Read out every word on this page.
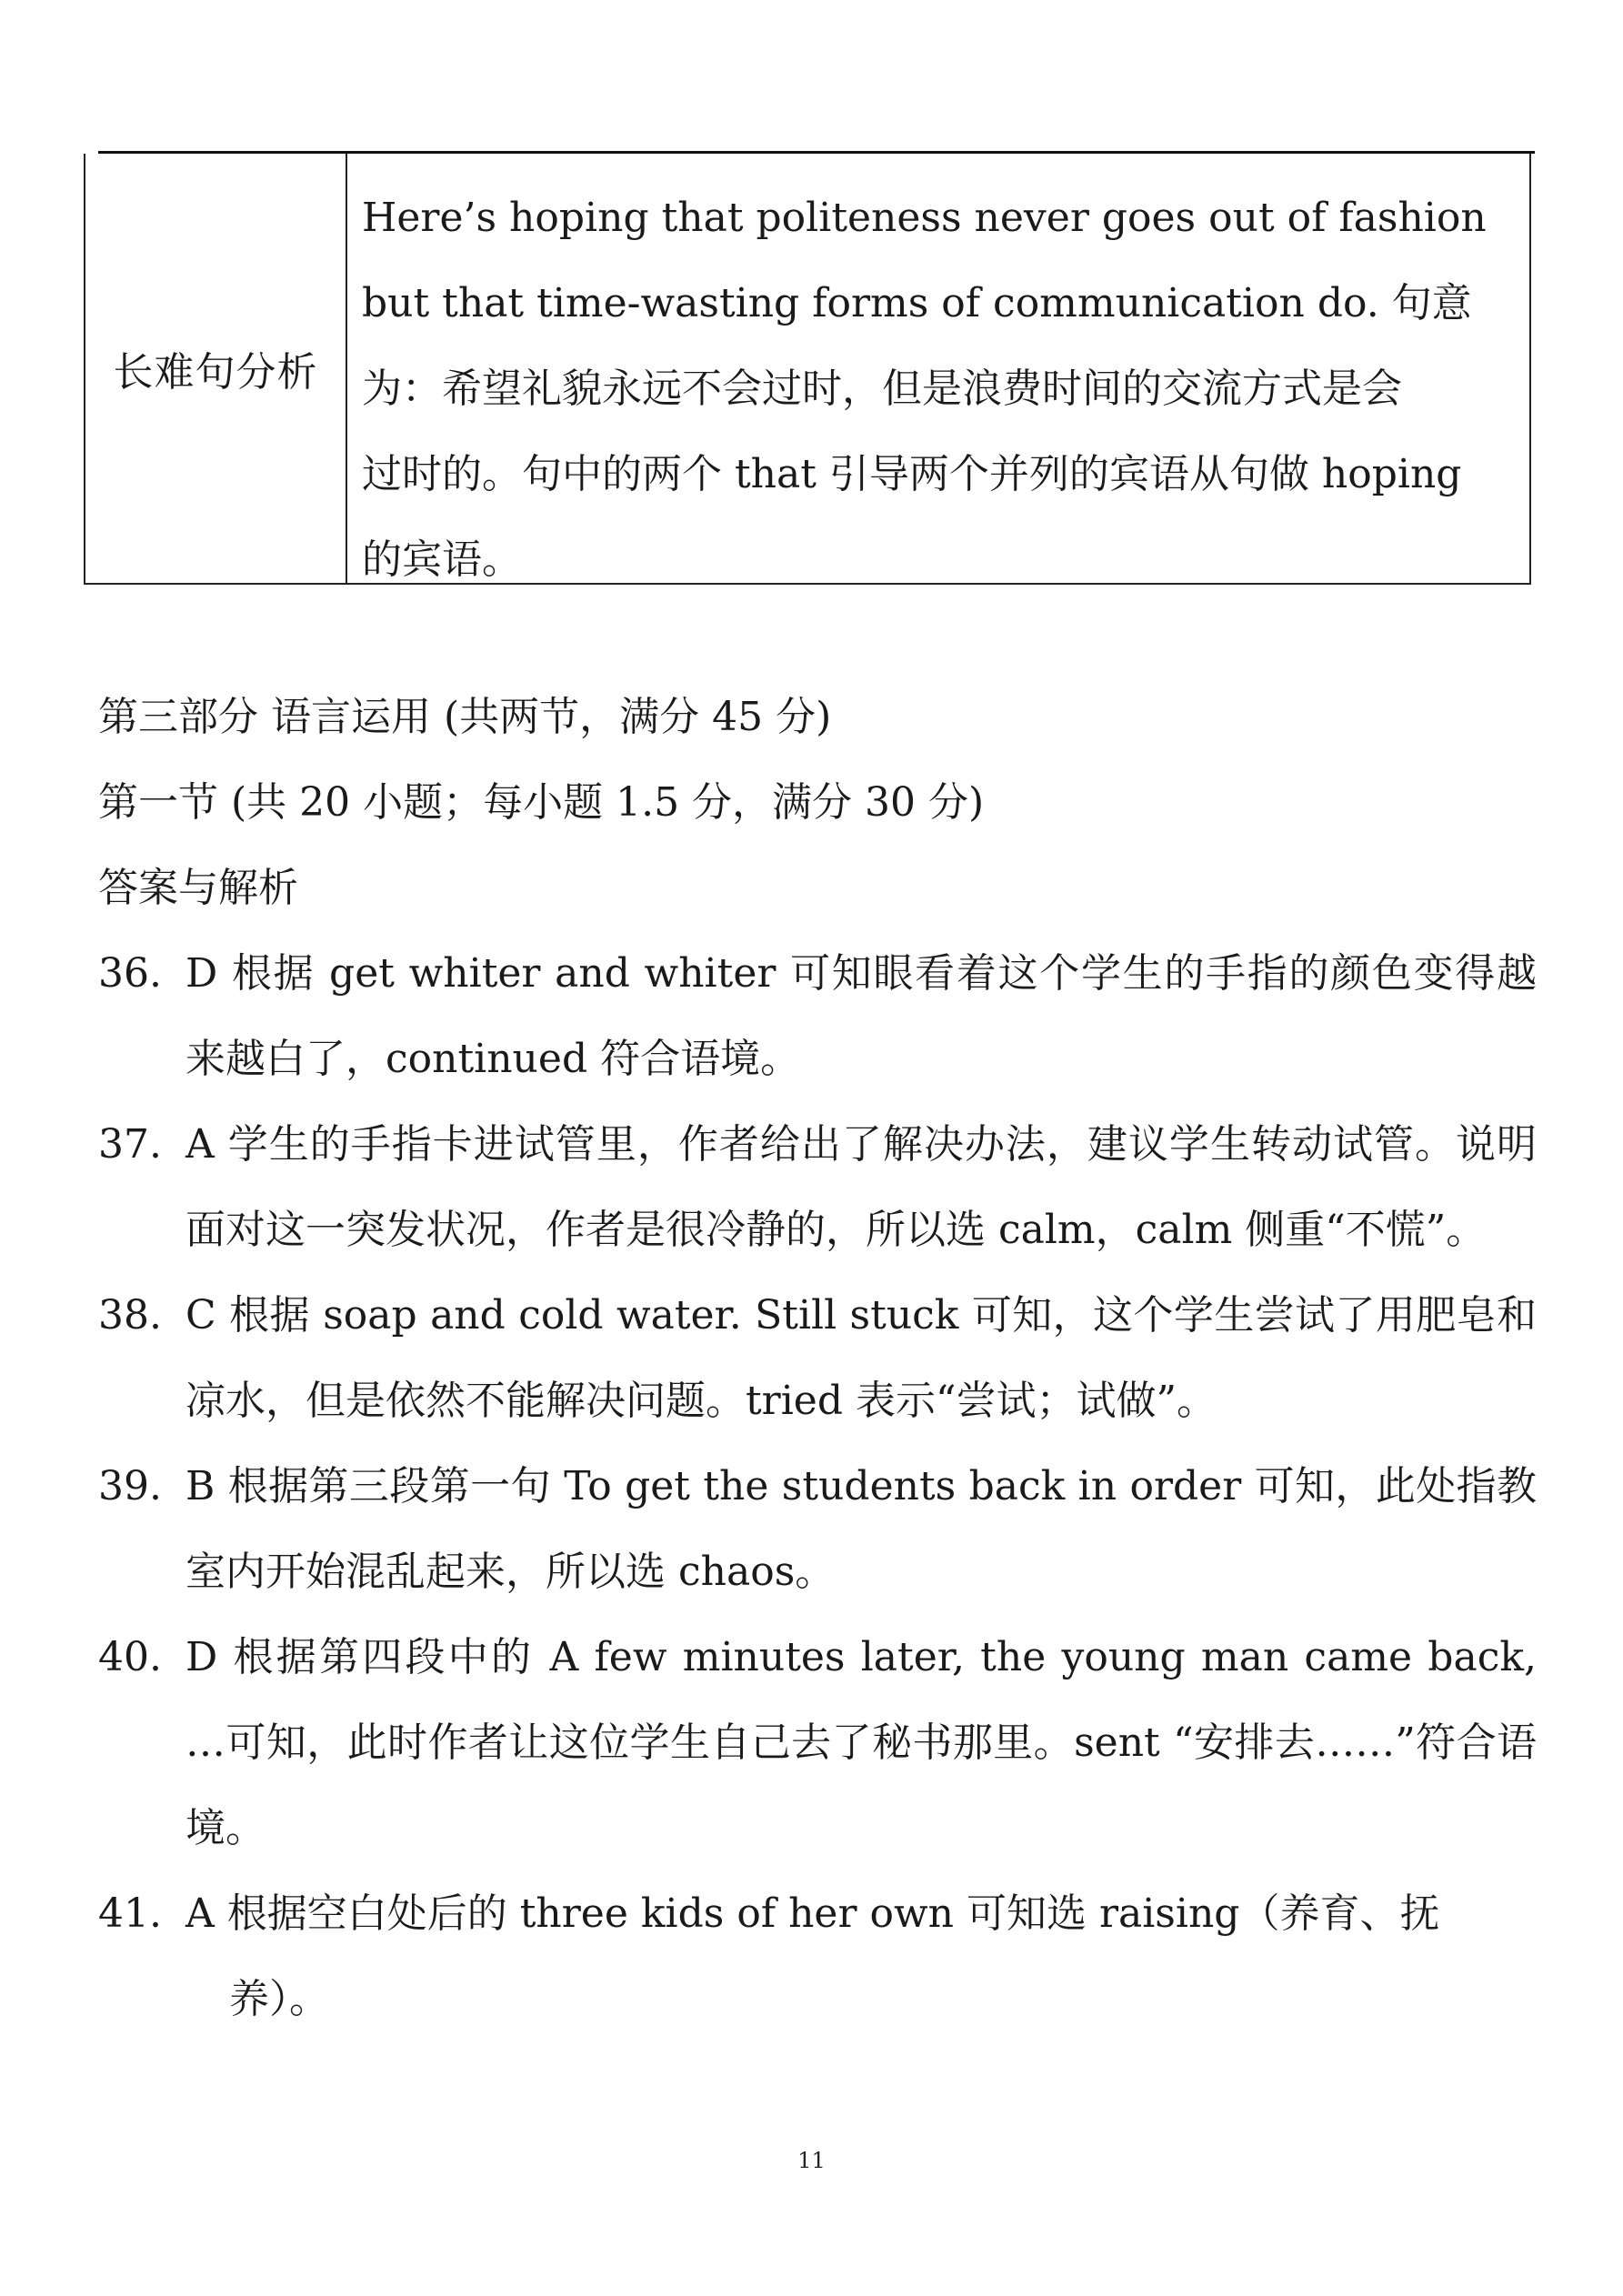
长难句分析

Here’s hoping that politeness never goes out of fashion

but that time-wasting forms of communication do. 句意

为：希望礼貌永远不会过时，但是浪费时间的交流方式是会

过时的。句中的两个 that 引导两个并列的宾语从句做 hoping

的宾语。

第三部分 语言运用 (共两节，满分 45 分)

第一节 (共 20 小题；每小题 1.5 分，满分 30 分)

答案与解析

36. D 根据 get whiter and whiter 可知眼看着这个学生的手指的颜色变得越来越白了，continued 符合语境。

37. A 学生的手指卡进试管里，作者给出了解决办法，建议学生转动试管。说明面对这一突发状况，作者是很冷静的，所以选 calm，calm 侧重“不慌”。

38. C 根据 soap and cold water. Still stuck 可知，这个学生尝试了用肥皂和凉水，但是依然不能解决问题。tried 表示“尝试；试做”。

39. B 根据第三段第一句 To get the students back in order 可知，此处指教室内开始混乱起来，所以选 chaos。

40. D 根据第四段中的 A few minutes later, the young man came back, …可知，此时作者让这位学生自己去了秘书那里。sent “安排去……”符合语境。

41. A 根据空白处后的 three kids of her own 可知选 raising（养育、抚
养）。

11
